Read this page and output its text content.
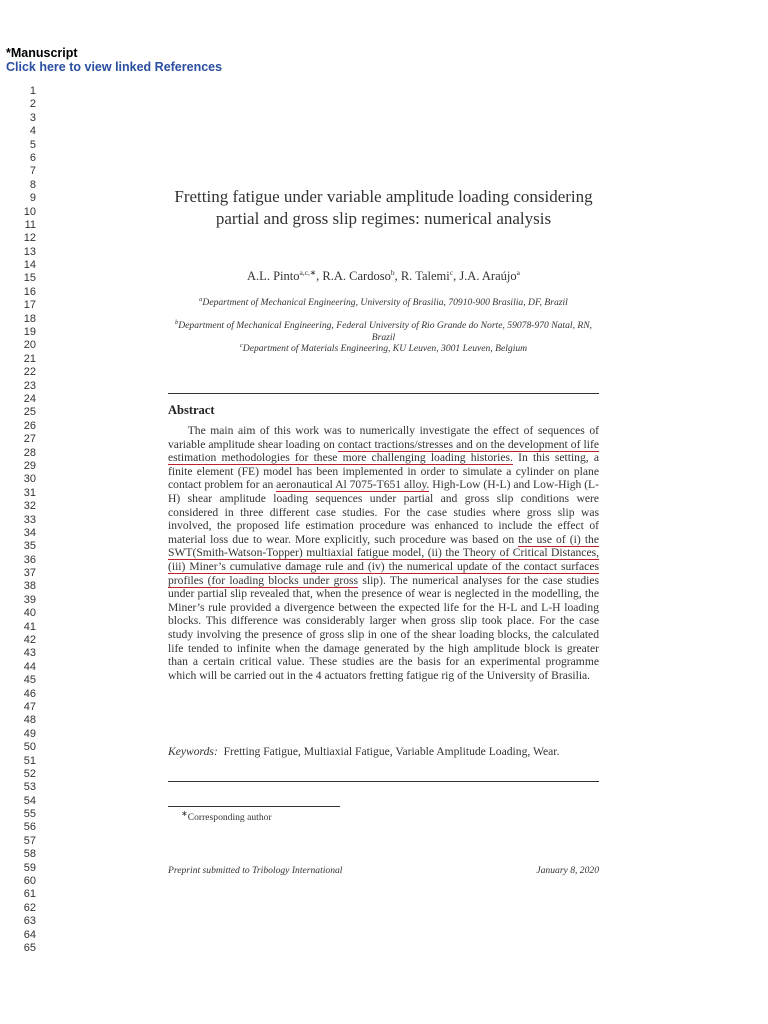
*Manuscript
Click here to view linked References
1
2
3
4
5
6
7
8
9
10
11
12
13
14
15
16
17
18
19
20
21
22
23
24
25
26
27
28
29
30
31
32
33
34
35
36
37
38
39
40
41
42
43
44
45
46
47
48
49
50
51
52
53
54
55
56
57
58
59
60
61
62
63
64
65
Fretting fatigue under variable amplitude loading considering partial and gross slip regimes: numerical analysis
A.L. Pinto$^{a,c,∗}$, R.A. Cardoso$^b$, R. Talemi$^c$, J.A. Araújo$^a$
$^a$Department of Mechanical Engineering, University of Brasilia, 70910-900 Brasilia, DF, Brazil
$^b$Department of Mechanical Engineering, Federal University of Rio Grande do Norte, 59078-970 Natal, RN, Brazil
$^c$Department of Materials Engineering, KU Leuven, 3001 Leuven, Belgium
Abstract

The main aim of this work was to numerically investigate the effect of sequences of variable amplitude shear loading on contact tractions/stresses and on the development of life estimation methodologies for these more challenging loading histories. In this setting, a finite element (FE) model has been implemented in order to simulate a cylinder on plane contact problem for an aeronautical Al 7075-T651 alloy. High-Low (H-L) and Low-High (L-H) shear amplitude loading sequences under partial and gross slip conditions were considered in three different case studies. For the case studies where gross slip was involved, the proposed life estimation procedure was enhanced to include the effect of material loss due to wear. More explicitly, such procedure was based on the use of (i) the SWT(Smith-Watson-Topper) multiaxial fatigue model, (ii) the Theory of Critical Distances, (iii) Miner’s cumulative damage rule and (iv) the numerical update of the contact surfaces profiles (for loading blocks under gross slip). The numerical analyses for the case studies under partial slip revealed that, when the presence of wear is neglected in the modelling, the Miner’s rule provided a divergence between the expected life for the H-L and L-H loading blocks. This difference was considerably larger when gross slip took place. For the case study involving the presence of gross slip in one of the shear loading blocks, the calculated life tended to infinite when the damage generated by the high amplitude block is greater than a certain critical value. These studies are the basis for an experimental programme which will be carried out in the 4 actuators fretting fatigue rig of the University of Brasilia.

Keywords: Fretting Fatigue, Multiaxial Fatigue, Variable Amplitude Loading, Wear.

∗Corresponding author
Preprint submitted to Tribology International	January 8, 2020
